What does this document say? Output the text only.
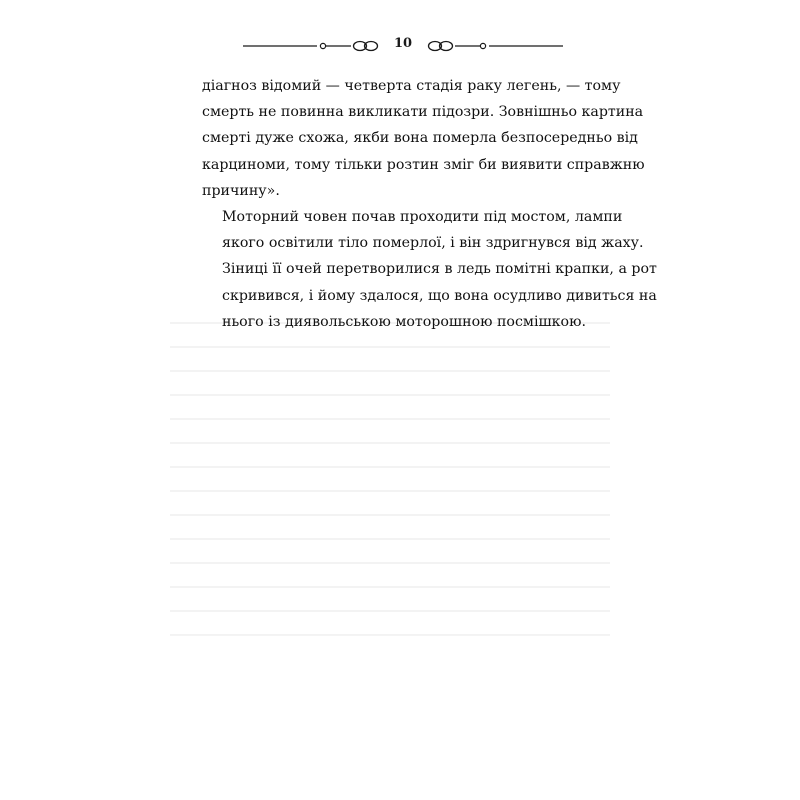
10

діагноз відомий — четверта стадія раку легень, — тому
смерть не повинна викликати підозри. Зовнішньо картина
смерті дуже схожа, якби вона померла безпосередньо від
карциноми, тому тільки розтин зміг би виявити справжню
причину».

Моторний човен почав проходити під мостом, лампи
якого освітили тіло померлої, і він здригнувся від жаху.
Зіниці її очей перетворилися в ледь помітні крапки, а рот
скривився, і йому здалося, що вона осудливо дивиться на
нього із диявольською моторошною посмішкою.
